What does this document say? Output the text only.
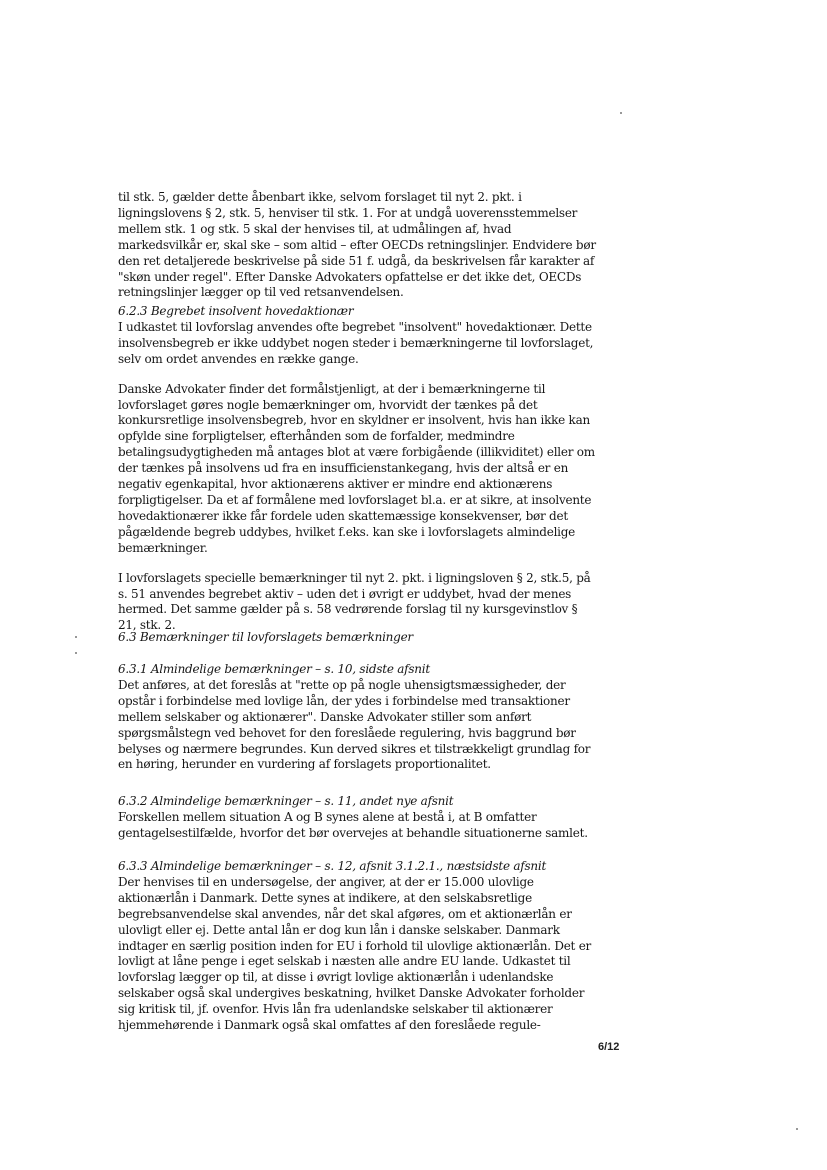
til stk. 5, gælder dette åbenbart ikke, selvom forslaget til nyt 2. pkt. i ligningslovens § 2, stk. 5, henviser til stk. 1. For at undgå uoverensstemmelser mellem stk. 1 og stk. 5 skal der henvises til, at udmålingen af, hvad markedsvilkår er, skal ske – som altid – efter OECDs retningslinjer. Endvidere bør den ret detaljerede beskrivelse på side 51 f. udgå, da beskrivelsen får karakter af "skøn under regel". Efter Danske Advokaters opfattelse er det ikke det, OECDs retningslinjer lægger op til ved retsanvendelsen.

6.2.3 Begrebet insolvent hovedaktionær

I udkastet til lovforslag anvendes ofte begrebet "insolvent" hovedaktionær. Dette insolvensbegreb er ikke uddybet nogen steder i bemærkningerne til lovforslaget, selv om ordet anvendes en række gange.

Danske Advokater finder det formålstjenligt, at der i bemærkningerne til lovforslaget gøres nogle bemærkninger om, hvorvidt der tænkes på det konkursretlige insolvensbegreb, hvor en skyldner er insolvent, hvis han ikke kan opfylde sine forpligtelser, efterhånden som de forfalder, medmindre betalingsudygtigheden må antages blot at være forbigående (illikviditet) eller om der tænkes på insolvens ud fra en insufficienstankegang, hvis der altså er en negativ egenkapital, hvor aktionærens aktiver er mindre end aktionærens forpligtigelser. Da et af formålene med lovforslaget bl.a. er at sikre, at insolvente hovedaktionærer ikke får fordele uden skattemæssige konsekvenser, bør det pågældende begreb uddybes, hvilket f.eks. kan ske i lovforslagets almindelige bemærkninger.

I lovforslagets specielle bemærkninger til nyt 2. pkt. i ligningsloven § 2, stk.5, på s. 51 anvendes begrebet aktiv – uden det i øvrigt er uddybet, hvad der menes hermed. Det samme gælder på s. 58 vedrørende forslag til ny kursgevinstlov § 21, stk. 2.

6.3 Bemærkninger til lovforslagets bemærkninger

6.3.1 Almindelige bemærkninger – s. 10, sidste afsnit

Det anføres, at det foreslås at "rette op på nogle uhensigtsmæssigheder, der opstår i forbindelse med lovlige lån, der ydes i forbindelse med transaktioner mellem selskaber og aktionærer". Danske Advokater stiller som anført spørgsmålstegn ved behovet for den foreslåede regulering, hvis baggrund bør belyses og nærmere begrundes. Kun derved sikres et tilstrækkeligt grundlag for en høring, herunder en vurdering af forslagets proportionalitet.

6.3.2 Almindelige bemærkninger – s. 11, andet nye afsnit

Forskellen mellem situation A og B synes alene at bestå i, at B omfatter gentagelsestilfælde, hvorfor det bør overvejes at behandle situationerne samlet.

6.3.3 Almindelige bemærkninger – s. 12, afsnit 3.1.2.1., næstsidste afsnit

Der henvises til en undersøgelse, der angiver, at der er 15.000 ulovlige aktionærlån i Danmark. Dette synes at indikere, at den selskabsretlige begrebsanvendelse skal anvendes, når det skal afgøres, om et aktionærlån er ulovligt eller ej. Dette antal lån er dog kun lån i danske selskaber. Danmark indtager en særlig position inden for EU i forhold til ulovlige aktionærlån. Det er lovligt at låne penge i eget selskab i næsten alle andre EU lande. Udkastet til lovforslag lægger op til, at disse i øvrigt lovlige aktionærlån i udenlandske selskaber også skal undergives beskatning, hvilket Danske Advokater forholder sig kritisk til, jf. ovenfor. Hvis lån fra udenlandske selskaber til aktionærer hjemmehørende i Danmark også skal omfattes af den foreslåede regule-

6/12
